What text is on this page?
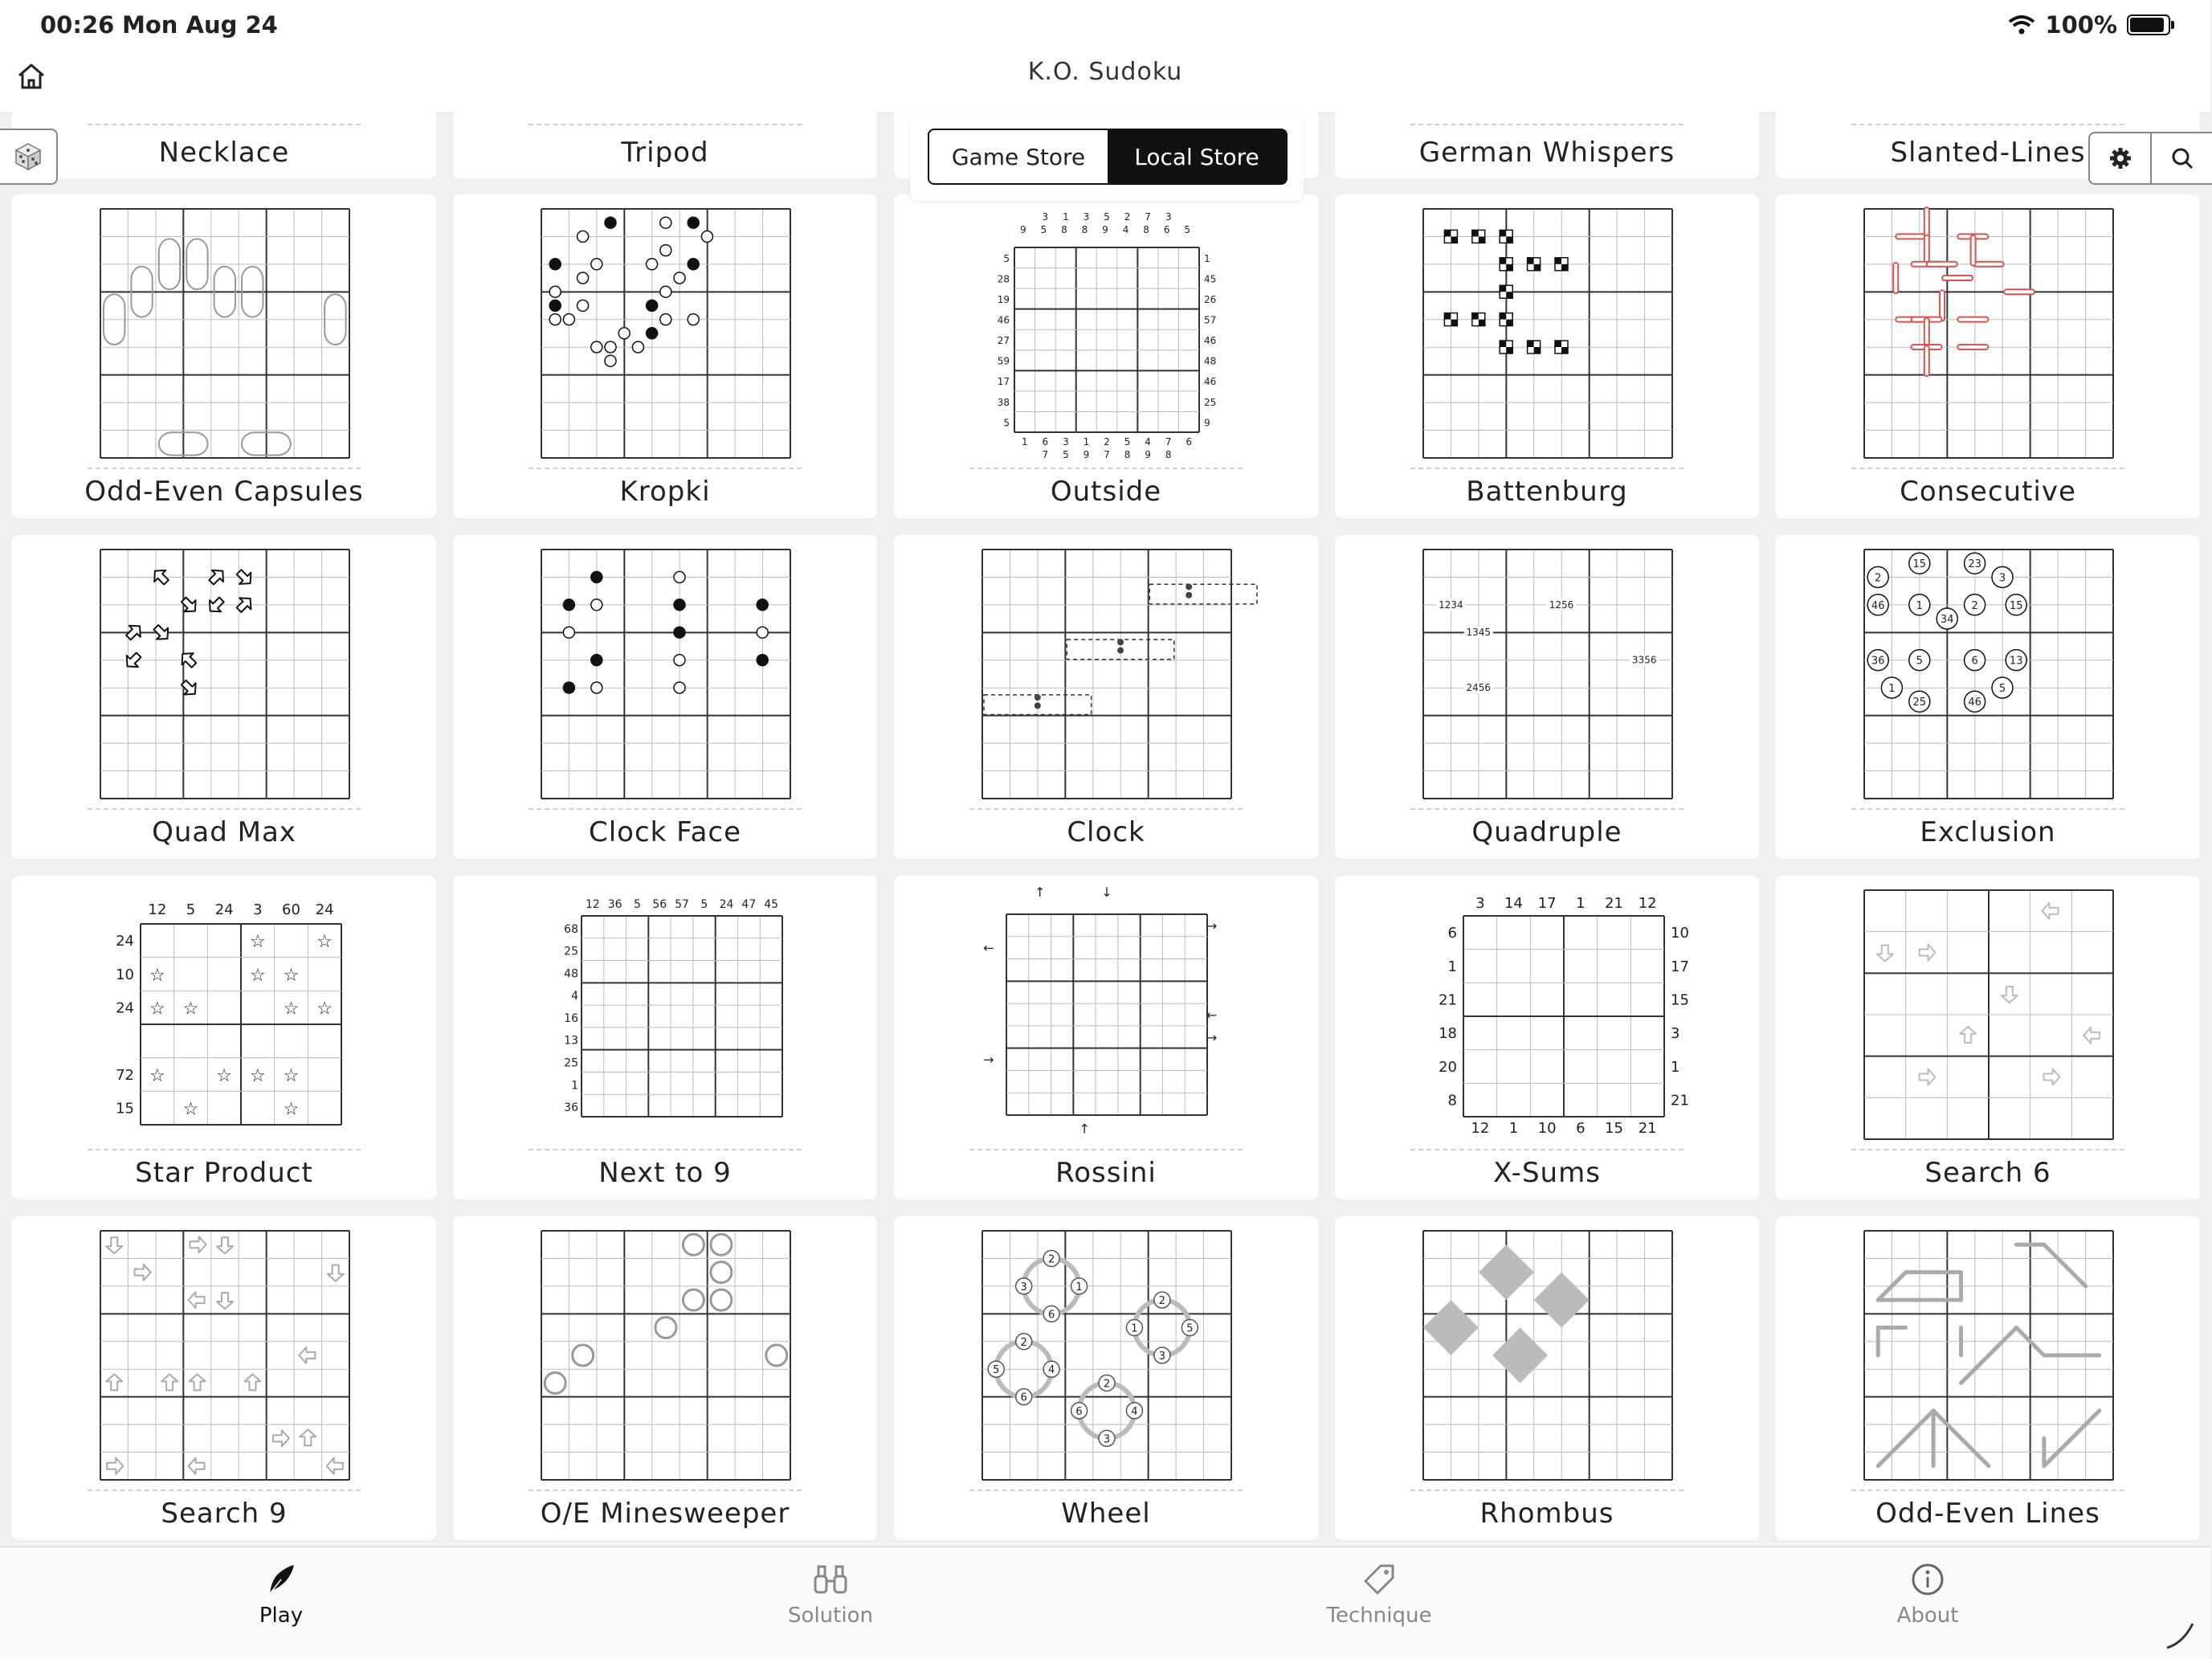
00:26 Mon Aug 24	100%
K.O. Sudoku
Necklace	Tripod	German Whispers	Slanted-Lines
Odd-Even Capsules	Kropki
3 1 3 5 2 7 3
9 5 8 8 9 4 8 6 5
5
28
19
46
27
59
17
38
5
1
45
26
57
46
48
46
25
9
1 6 3 1 2 5 4 7 6
7 5 9 7 8 9 8
Outside	Battenburg	Consecutive
Quad Max	Clock Face	Clock
1234	1256
1345
3356
2456
Quadruple
15	23
2	3
46	1	2	15
34
36	5	6	13
1
25	46
5
Exclusion
12 5 24 3 60 24
24
10
24
72
15
☆	☆
☆	☆ ☆
☆ ☆	☆ ☆
☆	☆ ☆ ☆
☆	☆
Star Product
12 36 5 56 57 5 24 47 45
68
25
48
4
16
13
25
1
36
Next to 9
↑	↓
→
←
←
→
→
↑
Rossini
3 14 17 1 21 12
6
1
21
18
20
8
10
17
15
3
1
21
12 1 10 6 15 21
X-Sums	Search 6
Search 9	O/E Minesweeper
2
3	1
6
2
1	5
3
2
5	4
6
2
6	4
3
Wheel	Rhombus	Odd-Even Lines
Game Store	Local Store
Play	Solution	Technique	About
